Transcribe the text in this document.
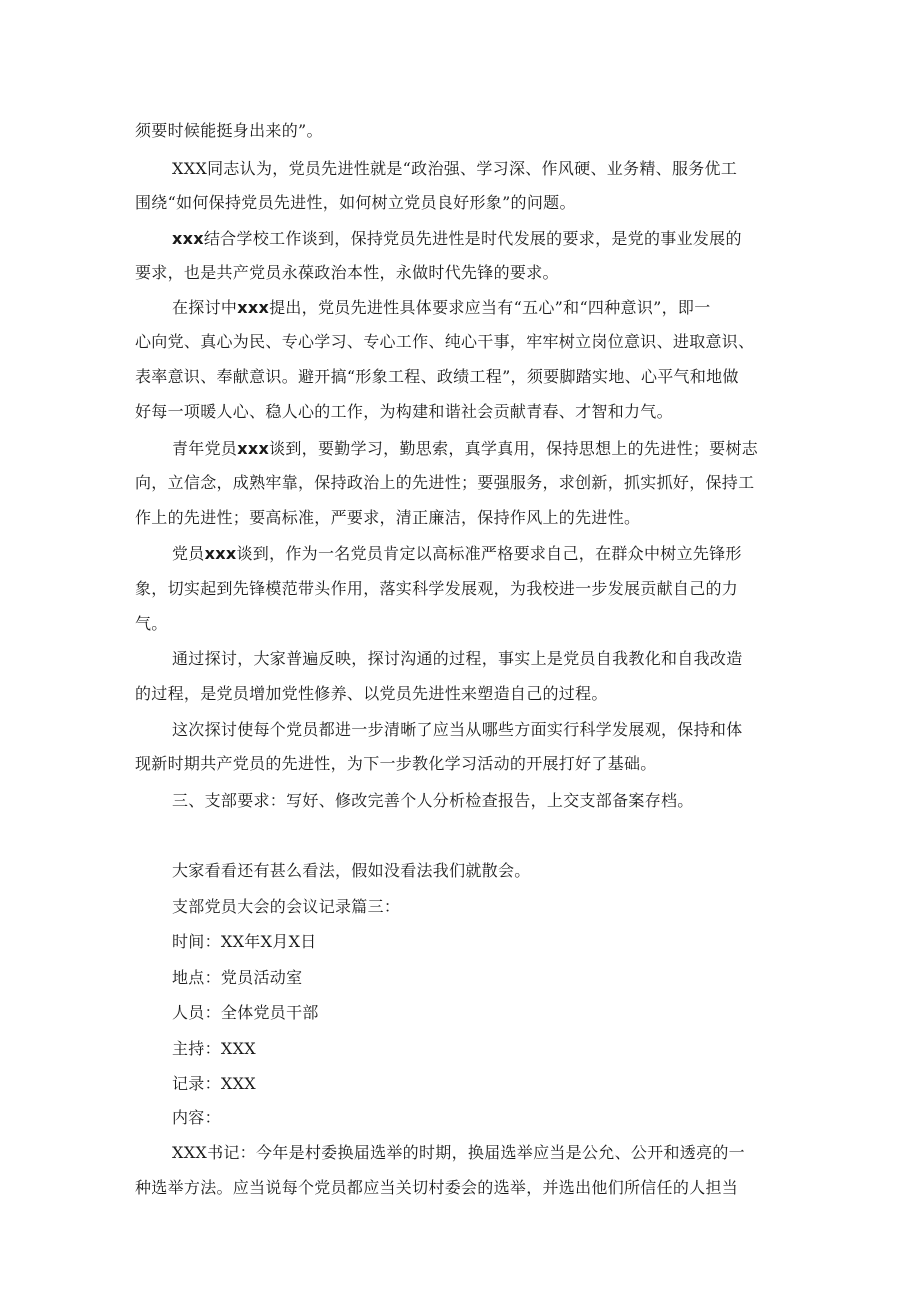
须要时候能挺身出来的”。

XXX同志认为，党员先进性就是“政治强、学习深、作风硬、业务精、服务优工

围绕“如何保持党员先进性，如何树立党员良好形象”的问题。

xxx结合学校工作谈到，保持党员先进性是时代发展的要求，是党的事业发展的

要求，也是共产党员永葆政治本性，永做时代先锋的要求。

在探讨中xxx提出，党员先进性具体要求应当有“五心”和“四种意识”，即一

心向党、真心为民、专心学习、专心工作、纯心干事，牢牢树立岗位意识、进取意识、

表率意识、奉献意识。避开搞“形象工程、政绩工程”，须要脚踏实地、心平气和地做

好每一项暖人心、稳人心的工作，为构建和谐社会贡献青春、才智和力气。

青年党员xxx谈到，要勤学习，勤思索，真学真用，保持思想上的先进性；要树志

向，立信念，成熟牢靠，保持政治上的先进性；要强服务，求创新，抓实抓好，保持工

作上的先进性；要高标准，严要求，清正廉洁，保持作风上的先进性。

党员xxx谈到，作为一名党员肯定以高标准严格要求自己，在群众中树立先锋形

象，切实起到先锋模范带头作用，落实科学发展观，为我校进一步发展贡献自己的力

气。

通过探讨，大家普遍反映，探讨沟通的过程，事实上是党员自我教化和自我改造

的过程，是党员增加党性修养、以党员先进性来塑造自己的过程。

这次探讨使每个党员都进一步清晰了应当从哪些方面实行科学发展观，保持和体

现新时期共产党员的先进性，为下一步教化学习活动的开展打好了基础。

三、支部要求：写好、修改完善个人分析检查报告，上交支部备案存档。

大家看看还有甚么看法，假如没看法我们就散会。

支部党员大会的会议记录篇三：

时间：XX年X月X日

地点：党员活动室

人员：全体党员干部

主持：XXX

记录：XXX

内容：

XXX书记：今年是村委换届选举的时期，换届选举应当是公允、公开和透亮的一

种选举方法。应当说每个党员都应当关切村委会的选举，并选出他们所信任的人担当
